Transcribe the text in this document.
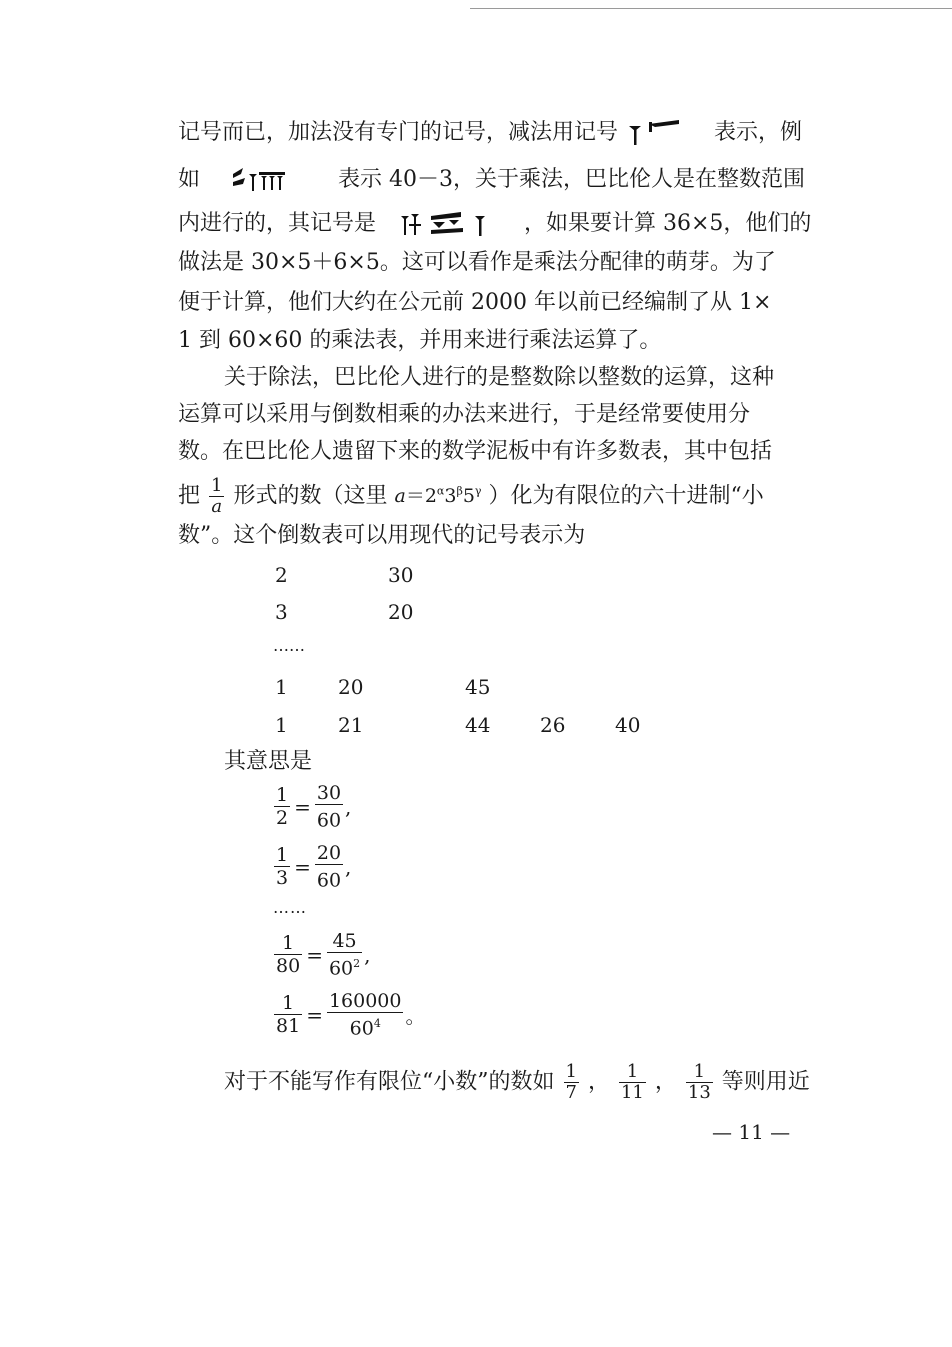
记号而已，加法没有专门的记号，减法用记号	表示，例
如	表示 40－3，关于乘法，巴比伦人是在整数范围
内进行的，其记号是	，如果要计算 36×5，他们的
做法是 30×5＋6×5。这可以看作是乘法分配律的萌芽。为了
便于计算，他们大约在公元前 2000 年以前已经编制了从 1×
1 到 60×60 的乘法表，并用来进行乘法运算了。
关于除法，巴比伦人进行的是整数除以整数的运算，这种
运算可以采用与倒数相乘的办法来进行，于是经常要使用分
数。在巴比伦人遗留下来的数学泥板中有许多数表，其中包括
把 $\frac{1}{a}$ 形式的数（这里 $a=2^\alpha 3^\beta 5^\gamma$ ）化为有限位的六十进制“小
数”。这个倒数表可以用现代的记号表示为
2	30
3	20
……
1	20	45
1	21	44 26 40
其意思是
$\frac{1}{2} = \frac{30}{60}$ ,
$\frac{1}{3} = \frac{20}{60}$ ,
……
$\frac{1}{80} = \frac{45}{60^2}$ ,
$\frac{1}{81} = \frac{160000}{60^4}$ 。
对于不能写作有限位“小数”的数如 $\frac{1}{7}$ ， $\frac{1}{11}$ ， $\frac{1}{13}$ 等则用近
— 11 —
